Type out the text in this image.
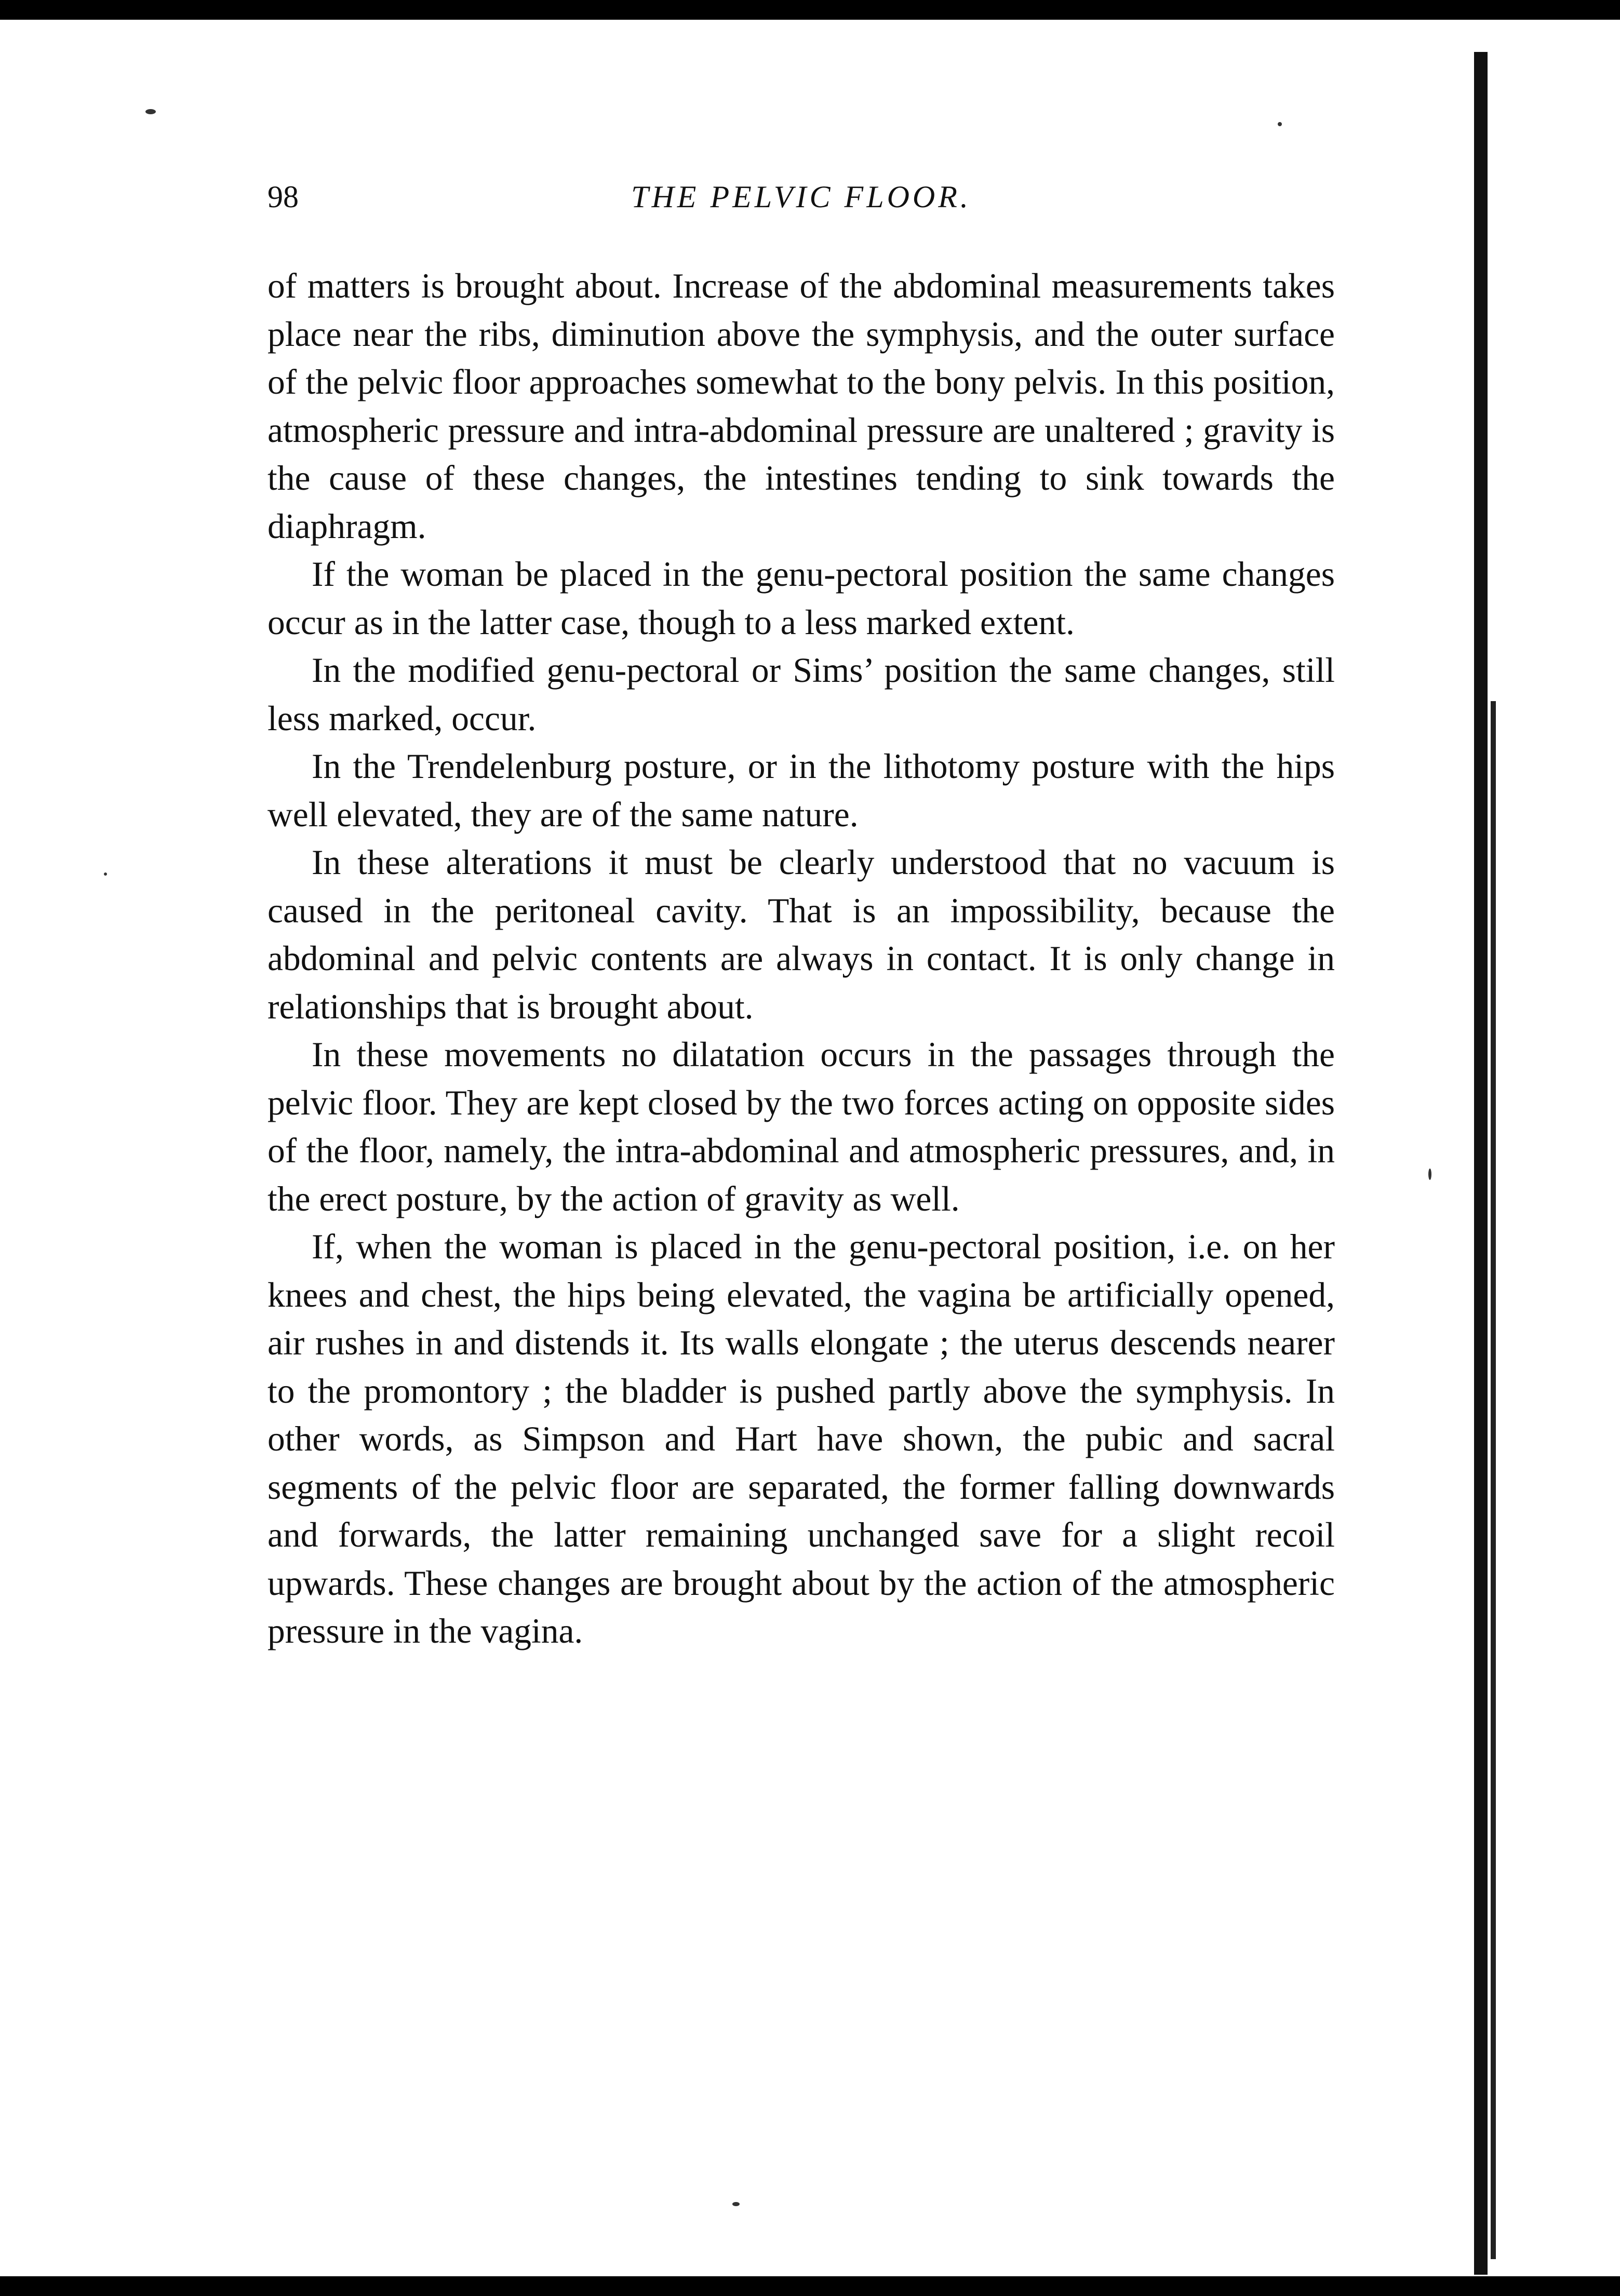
98	THE PELVIC FLOOR.

of matters is brought about. Increase of the abdominal measurements takes place near the ribs, diminution above the symphysis, and the outer surface of the pelvic floor approaches somewhat to the bony pelvis. In this position, atmospheric pressure and intra-abdominal pressure are unaltered ; gravity is the cause of these changes, the intestines tending to sink towards the diaphragm.

If the woman be placed in the genu-pectoral position the same changes occur as in the latter case, though to a less marked extent.

In the modified genu-pectoral or Sims’ position the same changes, still less marked, occur.

In the Trendelenburg posture, or in the lithotomy posture with the hips well elevated, they are of the same nature.

In these alterations it must be clearly understood that no vacuum is caused in the peritoneal cavity. That is an impossibility, because the abdominal and pelvic contents are always in contact. It is only change in relationships that is brought about.

In these movements no dilatation occurs in the passages through the pelvic floor. They are kept closed by the two forces acting on opposite sides of the floor, namely, the intra-abdominal and atmospheric pressures, and, in the erect posture, by the action of gravity as well.

If, when the woman is placed in the genu-pectoral position, i.e. on her knees and chest, the hips being elevated, the vagina be artificially opened, air rushes in and distends it. Its walls elongate ; the uterus descends nearer to the promontory ; the bladder is pushed partly above the symphysis. In other words, as Simpson and Hart have shown, the pubic and sacral segments of the pelvic floor are separated, the former falling downwards and forwards, the latter remaining unchanged save for a slight recoil upwards. These changes are brought about by the action of the atmospheric pressure in the vagina.
